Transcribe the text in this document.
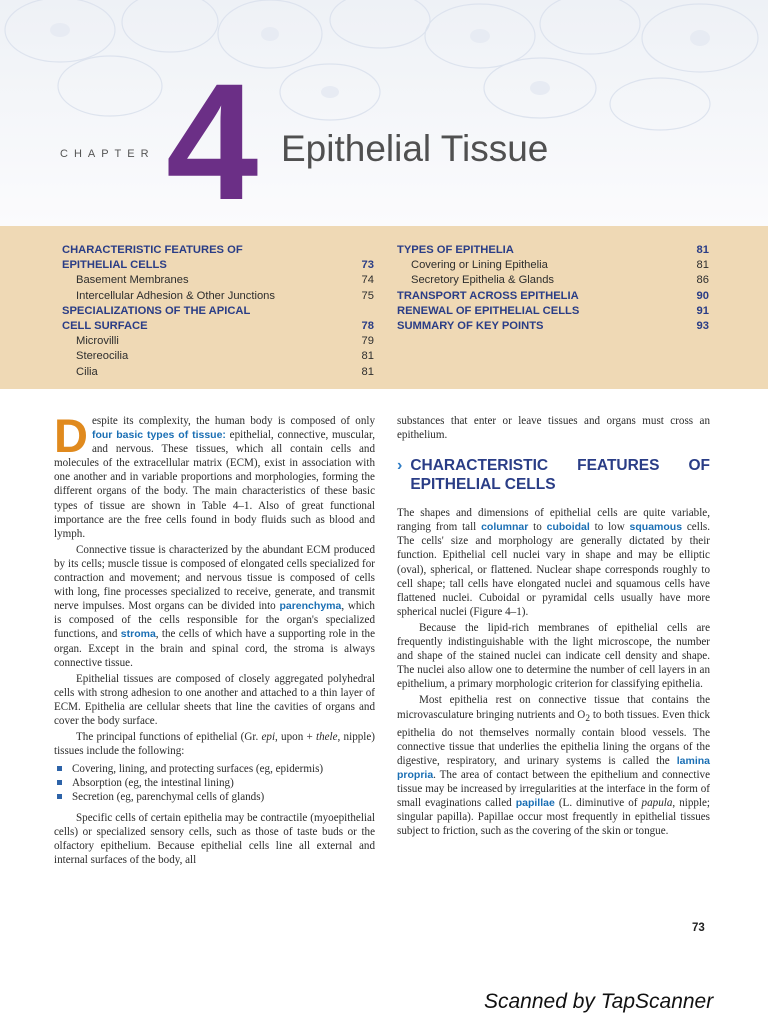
CHAPTER 4 Epithelial Tissue
CHARACTERISTIC FEATURES OF
EPITHELIAL CELLS	73
Basement Membranes	74
Intercellular Adhesion & Other Junctions	75
SPECIALIZATIONS OF THE APICAL
CELL SURFACE	78
Microvilli	79
Stereocilia	81
Cilia	81
TYPES OF EPITHELIA	81
Covering or Lining Epithelia	81
Secretory Epithelia & Glands	86
TRANSPORT ACROSS EPITHELIA	90
RENEWAL OF EPITHELIAL CELLS	91
SUMMARY OF KEY POINTS	93

Despite its complexity, the human body is composed of only four basic types of tissue: epithelial, connective, muscular, and nervous. These tissues, which all contain cells and molecules of the extracellular matrix (ECM), exist in association with one another and in variable proportions and morphologies, forming the different organs of the body. The main characteristics of these basic types of tissue are shown in Table 4–1. Also of great functional importance are the free cells found in body fluids such as blood and lymph.

Connective tissue is characterized by the abundant ECM produced by its cells; muscle tissue is composed of elongated cells specialized for contraction and movement; and nervous tissue is composed of cells with long, fine processes specialized to receive, generate, and transmit nerve impulses. Most organs can be divided into parenchyma, which is composed of the cells responsible for the organ's specialized functions, and stroma, the cells of which have a supporting role in the organ. Except in the brain and spinal cord, the stroma is always connective tissue.

Epithelial tissues are composed of closely aggregated polyhedral cells with strong adhesion to one another and attached to a thin layer of ECM. Epithelia are cellular sheets that line the cavities of organs and cover the body surface.

The principal functions of epithelial (Gr. epi, upon + thele, nipple) tissues include the following:

Covering, lining, and protecting surfaces (eg, epidermis)
Absorption (eg, the intestinal lining)
Secretion (eg, parenchymal cells of glands)

Specific cells of certain epithelia may be contractile (myoepithelial cells) or specialized sensory cells, such as those of taste buds or the olfactory epithelium. Because epithelial cells line all external and internal surfaces of the body, all

substances that enter or leave tissues and organs must cross an epithelium.

› CHARACTERISTIC FEATURES OF EPITHELIAL CELLS

The shapes and dimensions of epithelial cells are quite variable, ranging from tall columnar to cuboidal to low squamous cells. The cells' size and morphology are generally dictated by their function. Epithelial cell nuclei vary in shape and may be elliptic (oval), spherical, or flattened. Nuclear shape corresponds roughly to cell shape; tall cells have elongated nuclei and squamous cells have flattened nuclei. Cuboidal or pyramidal cells usually have more spherical nuclei (Figure 4–1).

Because the lipid-rich membranes of epithelial cells are frequently indistinguishable with the light microscope, the number and shape of the stained nuclei can indicate cell density and shape. The nuclei also allow one to determine the number of cell layers in an epithelium, a primary morphologic criterion for classifying epithelia.

Most epithelia rest on connective tissue that contains the microvasculature bringing nutrients and $O_2$ to both tissues. Even thick epithelia do not themselves normally contain blood vessels. The connective tissue that underlies the epithelia lining the organs of the digestive, respiratory, and urinary systems is called the lamina propria. The area of contact between the epithelium and connective tissue may be increased by irregularities at the interface in the form of small evaginations called papillae (L. diminutive of papula, nipple; singular papilla). Papillae occur most frequently in epithelial tissues subject to friction, such as the covering of the skin or tongue.

73
Scanned by TapScanner
